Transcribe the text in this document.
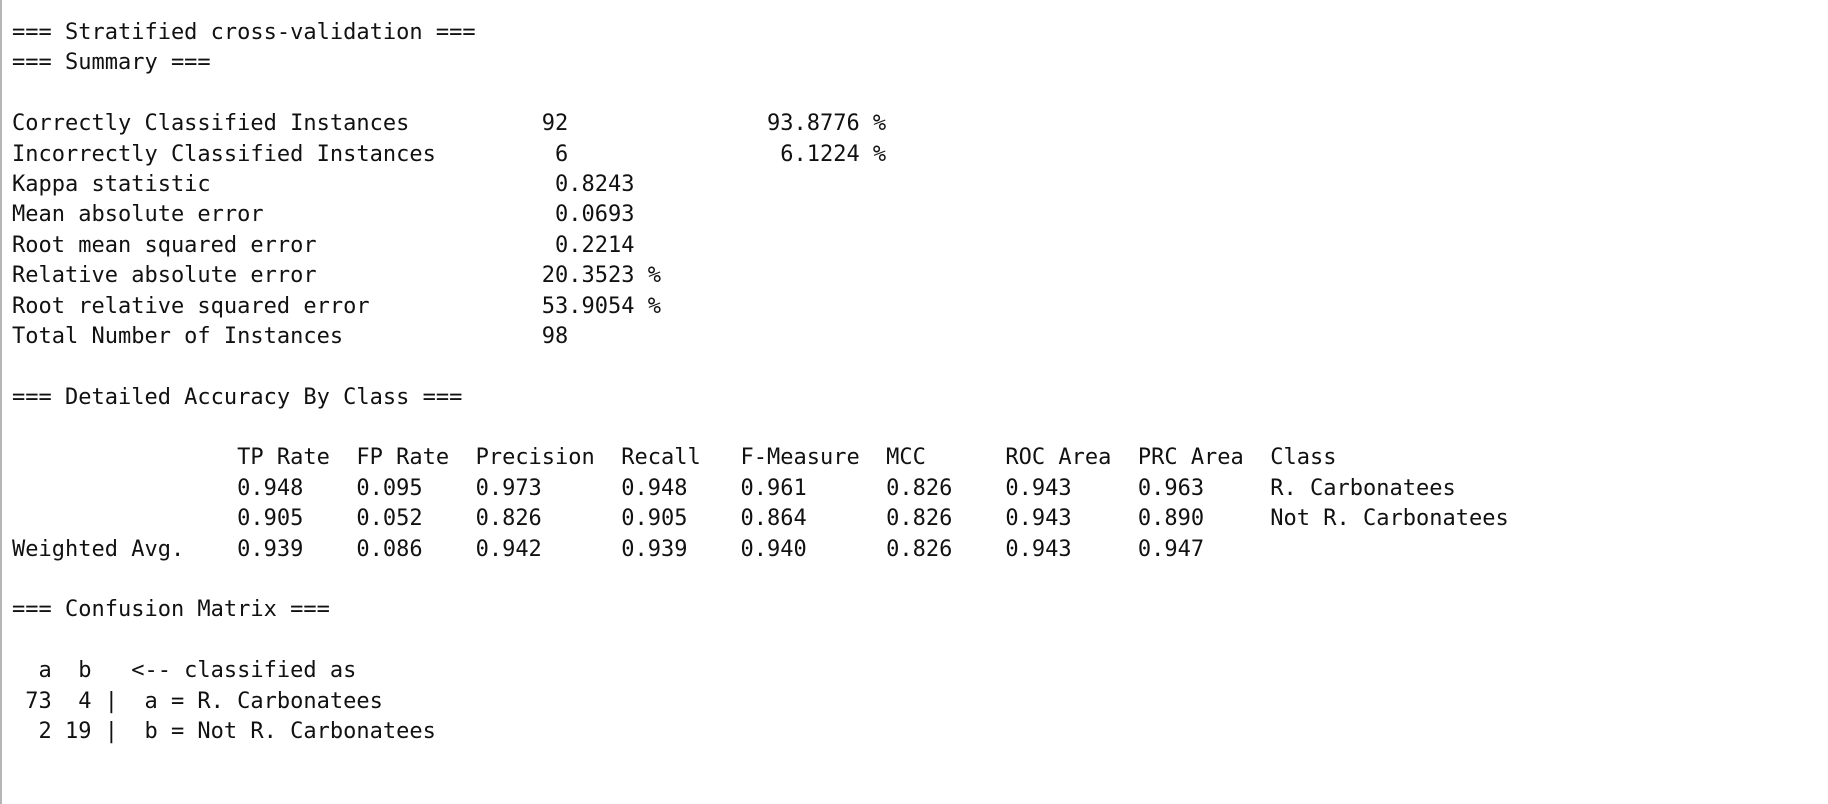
=== Stratified cross-validation ===
=== Summary ===
Correctly Classified Instances          92               93.8776 %
Incorrectly Classified Instances         6                6.1224 %
Kappa statistic                          0.8243
Mean absolute error                      0.0693
Root mean squared error                  0.2214
Relative absolute error                 20.3523 %
Root relative squared error             53.9054 %
Total Number of Instances               98
=== Detailed Accuracy By Class ===
TP Rate  FP Rate  Precision  Recall   F-Measure  MCC      ROC Area  PRC Area  Class
0.948    0.095    0.973      0.948    0.961      0.826    0.943     0.963     R. Carbonatees
0.905    0.052    0.826      0.905    0.864      0.826    0.943     0.890     Not R. Carbonatees
Weighted Avg.    0.939    0.086    0.942      0.939    0.940      0.826    0.943     0.947
=== Confusion Matrix ===
a  b   <-- classified as
73  4 |  a = R. Carbonatees
2 19 |  b = Not R. Carbonatees
